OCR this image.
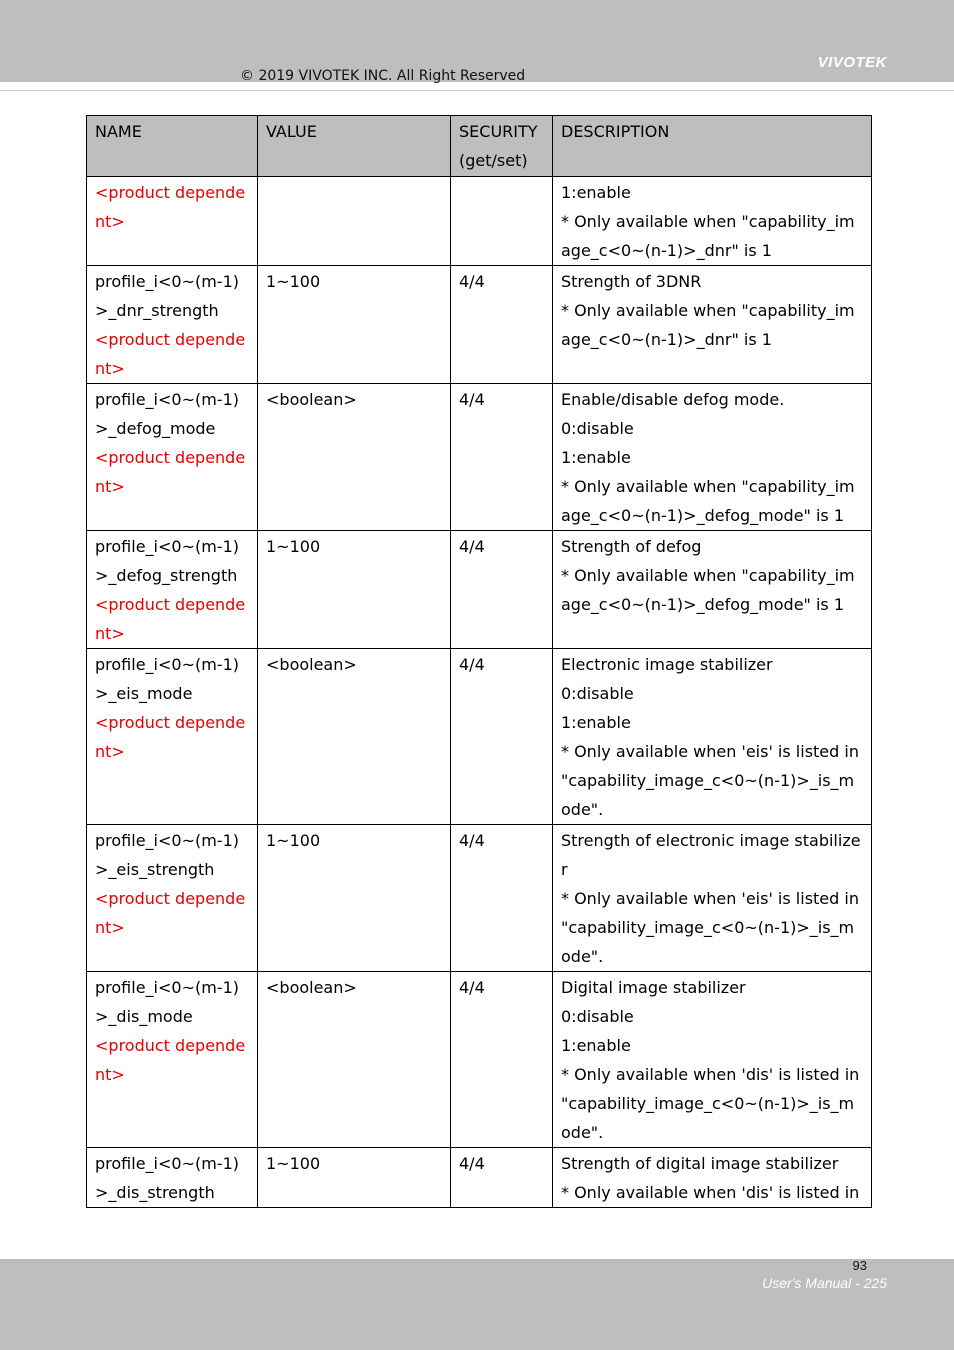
© 2019 VIVOTEK INC. All Right Reserved
VIVOTEK
NAME	VALUE	SECURITY (get/set)	DESCRIPTION

<product dependent>			1:enable
* Only available when "capability_image_c<0~(n-1)>_dnr" is 1

profile_i<0~(m-1)>_dnr_strength
<product dependent>	1~100	4/4	Strength of 3DNR
* Only available when "capability_image_c<0~(n-1)>_dnr" is 1

profile_i<0~(m-1)>_defog_mode
<product dependent>	<boolean>	4/4	Enable/disable defog mode.
0:disable
1:enable
* Only available when "capability_image_c<0~(n-1)>_defog_mode" is 1

profile_i<0~(m-1)>_defog_strength
<product dependent>	1~100	4/4	Strength of defog
* Only available when "capability_image_c<0~(n-1)>_defog_mode" is 1

profile_i<0~(m-1)>_eis_mode
<product dependent>	<boolean>	4/4	Electronic image stabilizer
0:disable
1:enable
* Only available when 'eis' is listed in "capability_image_c<0~(n-1)>_is_mode".

profile_i<0~(m-1)>_eis_strength
<product dependent>	1~100	4/4	Strength of electronic image stabilizer
* Only available when 'eis' is listed in "capability_image_c<0~(n-1)>_is_mode".

profile_i<0~(m-1)>_dis_mode
<product dependent>	<boolean>	4/4	Digital image stabilizer
0:disable
1:enable
* Only available when 'dis' is listed in "capability_image_c<0~(n-1)>_is_mode".

profile_i<0~(m-1)>_dis_strength	1~100	4/4	Strength of digital image stabilizer
* Only available when 'dis' is listed in
93
User's Manual - 225
